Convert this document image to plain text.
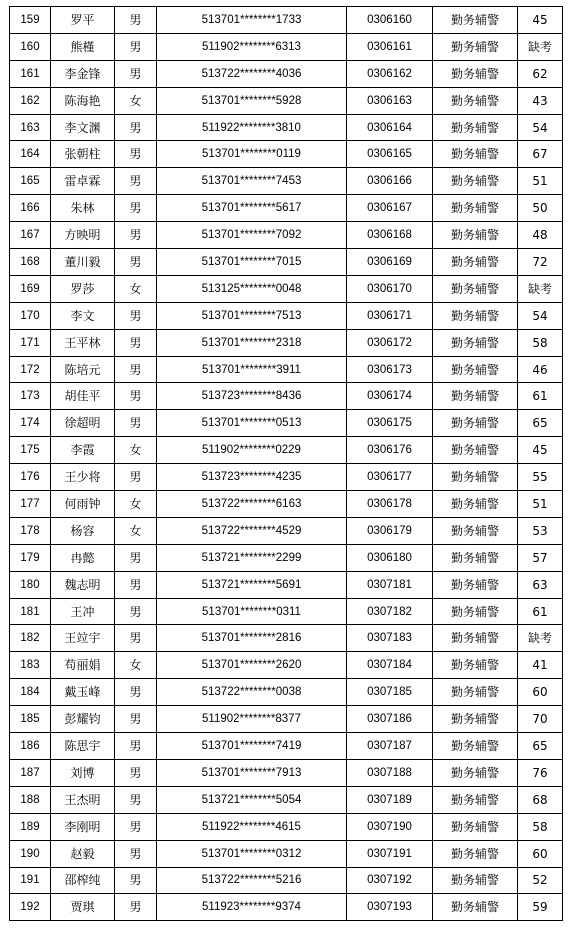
159	罗平	男	513701********1733	0306160	勤务辅警	45
160	熊槿	男	511902********6313	0306161	勤务辅警	缺考
161	李金锋	男	513722********4036	0306162	勤务辅警	62
162	陈海艳	女	513701********5928	0306163	勤务辅警	43
163	李文渊	男	511922********3810	0306164	勤务辅警	54
164	张朝柱	男	513701********0119	0306165	勤务辅警	67
165	雷卓霖	男	513701********7453	0306166	勤务辅警	51
166	朱林	男	513701********5617	0306167	勤务辅警	50
167	方映明	男	513701********7092	0306168	勤务辅警	48
168	董川毅	男	513701********7015	0306169	勤务辅警	72
169	罗莎	女	513125********0048	0306170	勤务辅警	缺考
170	李文	男	513701********7513	0306171	勤务辅警	54
171	王平林	男	513701********2318	0306172	勤务辅警	58
172	陈培元	男	513701********3911	0306173	勤务辅警	46
173	胡佳平	男	513723********8436	0306174	勤务辅警	61
174	徐超明	男	513701********0513	0306175	勤务辅警	65
175	李霞	女	511902********0229	0306176	勤务辅警	45
176	王少将	男	513723********4235	0306177	勤务辅警	55
177	何雨钟	女	513722********6163	0306178	勤务辅警	51
178	杨容	女	513722********4529	0306179	勤务辅警	53
179	冉懿	男	513721********2299	0306180	勤务辅警	57
180	魏志明	男	513721********5691	0307181	勤务辅警	63
181	王冲	男	513701********0311	0307182	勤务辅警	61
182	王竝宇	男	513701********2816	0307183	勤务辅警	缺考
183	苟丽娟	女	513701********2620	0307184	勤务辅警	41
184	戴玉峰	男	513722********0038	0307185	勤务辅警	60
185	彭耀钧	男	511902********8377	0307186	勤务辅警	70
186	陈思宇	男	513701********7419	0307187	勤务辅警	65
187	刘博	男	513701********7913	0307188	勤务辅警	76
188	王杰明	男	513721********5054	0307189	勤务辅警	68
189	李刚明	男	511922********4615	0307190	勤务辅警	58
190	赵毅	男	513701********0312	0307191	勤务辅警	60
191	邵榨纯	男	513722********5216	0307192	勤务辅警	52
192	贾琪	男	511923********9374	0307193	勤务辅警	59
